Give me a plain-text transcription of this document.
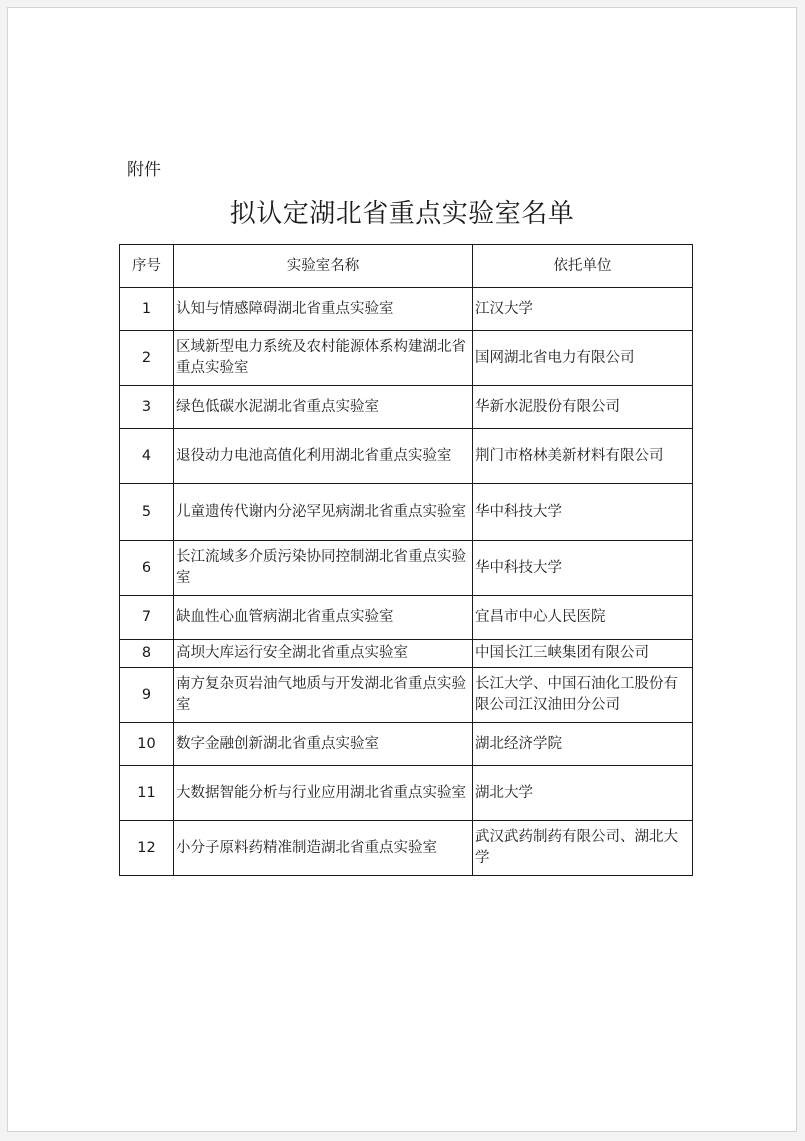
附件
拟认定湖北省重点实验室名单
序号	实验室名称	依托单位
1	认知与情感障碍湖北省重点实验室	江汉大学
2	区域新型电力系统及农村能源体系构建湖北省重点实验室	国网湖北省电力有限公司
3	绿色低碳水泥湖北省重点实验室	华新水泥股份有限公司
4	退役动力电池高值化利用湖北省重点实验室	荆门市格林美新材料有限公司
5	儿童遗传代谢内分泌罕见病湖北省重点实验室	华中科技大学
6	长江流域多介质污染协同控制湖北省重点实验室	华中科技大学
7	缺血性心血管病湖北省重点实验室	宜昌市中心人民医院
8	高坝大库运行安全湖北省重点实验室	中国长江三峡集团有限公司
9	南方复杂页岩油气地质与开发湖北省重点实验室	长江大学、中国石油化工股份有限公司江汉油田分公司
10	数字金融创新湖北省重点实验室	湖北经济学院
11	大数据智能分析与行业应用湖北省重点实验室	湖北大学
12	小分子原料药精准制造湖北省重点实验室	武汉武药制药有限公司、湖北大学
